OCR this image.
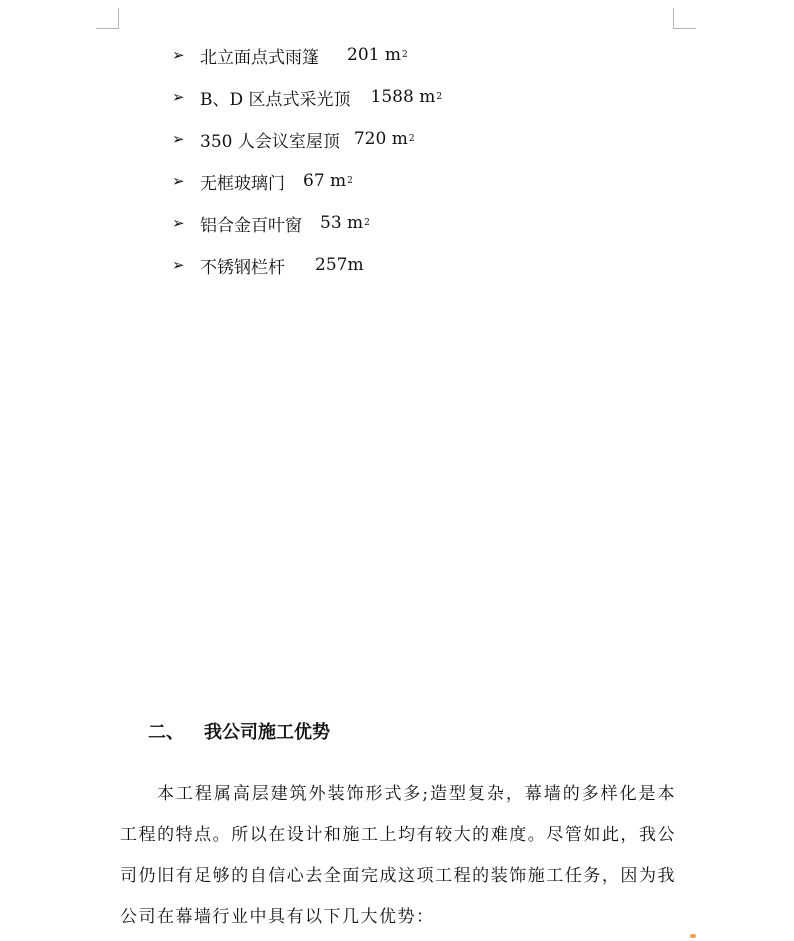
➢ 北立面点式雨篷 201 m 2
➢ B、D 区点式采光顶 1588 m 2
➢ 350 人会议室屋顶 720 m 2
➢ 无框玻璃门 67 m 2
➢ 铝合金百叶窗 53 m 2
➢ 不锈钢栏杆 257m
二、 我公司施工优势
本工程属高层建筑外装饰形式多;造型复杂，幕墙的多样化是本工程的特点。所以在设计和施工上均有较大的难度。尽管如此，我公司仍旧有足够的自信心去全面完成这项工程的装饰施工任务，因为我公司在幕墙行业中具有以下几大优势：
